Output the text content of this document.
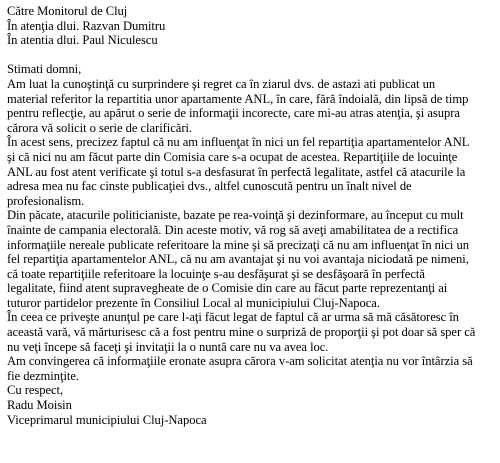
Către Monitorul de Cluj
În atenţia dlui. Razvan Dumitru
În atentia dlui. Paul Niculescu
Stimati domni,
Am luat la cunoştinţă cu surprindere şi regret ca în ziarul dvs. de astazi ati publicat un
material referitor la repartitia unor apartamente ANL, în care, fără îndoială, din lipsă de timp
pentru reflecţie, au apărut o serie de informaţii incorecte, care mi-au atras atenţia, şi asupra
cărora vă solicit o serie de clarificări.
În acest sens, precizez faptul că nu am influenţat în nici un fel repartiţia apartamentelor ANL
şi că nici nu am făcut parte din Comisia care s-a ocupat de acestea. Repartiţiile de locuinţe
ANL au fost atent verificate şi totul s-a desfasurat în perfectă legalitate, astfel că atacurile la
adresa mea nu fac cinste publicaţiei dvs., altfel cunoscută pentru un înalt nivel de
profesionalism.
Din păcate, atacurile politicianiste, bazate pe rea-voinţă şi dezinformare, au început cu mult
înainte de campania electorală. Din aceste motiv, vă rog să aveţi amabilitatea de a rectifica
informaţiile nereale publicate referitoare la mine şi să precizaţi că nu am influenţat în nici un
fel repartiţia apartamentelor ANL, că nu am avantajat şi nu voi avantaja niciodată pe nimeni,
că toate repartiţiile referitoare la locuinţe s-au desfăşurat şi se desfăşoară în perfectă
legalitate, fiind atent supravegheate de o Comisie din care au făcut parte reprezentanţi ai
tuturor partidelor prezente în Consiliul Local al municipiului Cluj-Napoca.
În ceea ce priveşte anunţul pe care l-aţi făcut legat de faptul că ar urma să mă căsătoresc în
această vară, vă mărturisesc că a fost pentru mine o surpriză de proporţii şi pot doar să sper că
nu veţi începe să faceţi şi invitaţii la o nuntă care nu va avea loc.
Am convingerea că informaţiile eronate asupra cărora v-am solicitat atenţia nu vor întârzia să
fie dezminţite.
Cu respect,
Radu Moisin
Viceprimarul municipiului Cluj-Napoca
